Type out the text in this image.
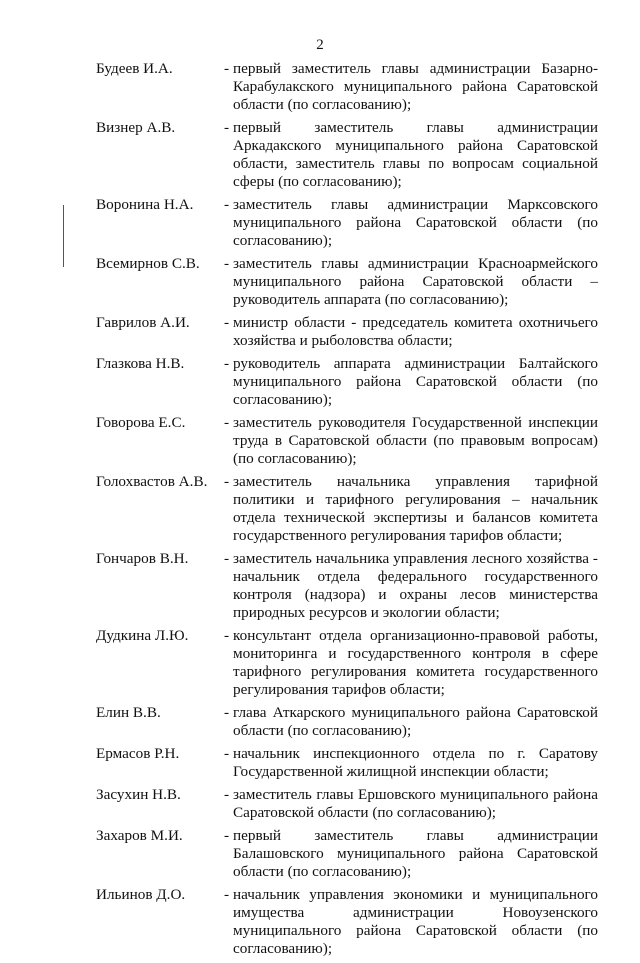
2
Будеев И.А.	- первый заместитель главы администрации Базарно-Карабулакского муниципального района Саратовской области (по согласованию);
Визнер А.В.	- первый заместитель главы администрации Аркадакского муниципального района Саратовской области, заместитель главы по вопросам социальной сферы (по согласованию);
Воронина Н.А.	- заместитель главы администрации Марксовского муниципального района Саратовской области (по согласованию);
Всемирнов С.В.	- заместитель главы администрации Красноармейского муниципального района Саратовской области – руководитель аппарата (по согласованию);
Гаврилов А.И.	- министр области - председатель комитета охотничьего хозяйства и рыболовства области;
Глазкова Н.В.	- руководитель аппарата администрации Балтайского муниципального района Саратовской области (по согласованию);
Говорова Е.С.	- заместитель руководителя Государственной инспекции труда в Саратовской области (по правовым вопросам) (по согласованию);
Голохвастов А.В.	- заместитель начальника управления тарифной политики и тарифного регулирования – начальник отдела технической экспертизы и балансов комитета государственного регулирования тарифов области;
Гончаров В.Н.	- заместитель начальника управления лесного хозяйства - начальник отдела федерального государственного контроля (надзора) и охраны лесов министерства природных ресурсов и экологии области;
Дудкина Л.Ю.	- консультант отдела организационно-правовой работы, мониторинга и государственного контроля в сфере тарифного регулирования комитета государственного регулирования тарифов области;
Елин В.В.	- глава Аткарского муниципального района Саратовской области (по согласованию);
Ермасов Р.Н.	- начальник инспекционного отдела по г. Саратову Государственной жилищной инспекции области;
Засухин Н.В.	- заместитель главы Ершовского муниципального района Саратовской области (по согласованию);
Захаров М.И.	- первый заместитель главы администрации Балашовского муниципального района Саратовской области (по согласованию);
Ильинов Д.О.	- начальник управления экономики и муниципального имущества администрации Новоузенского муниципального района Саратовской области (по согласованию);
